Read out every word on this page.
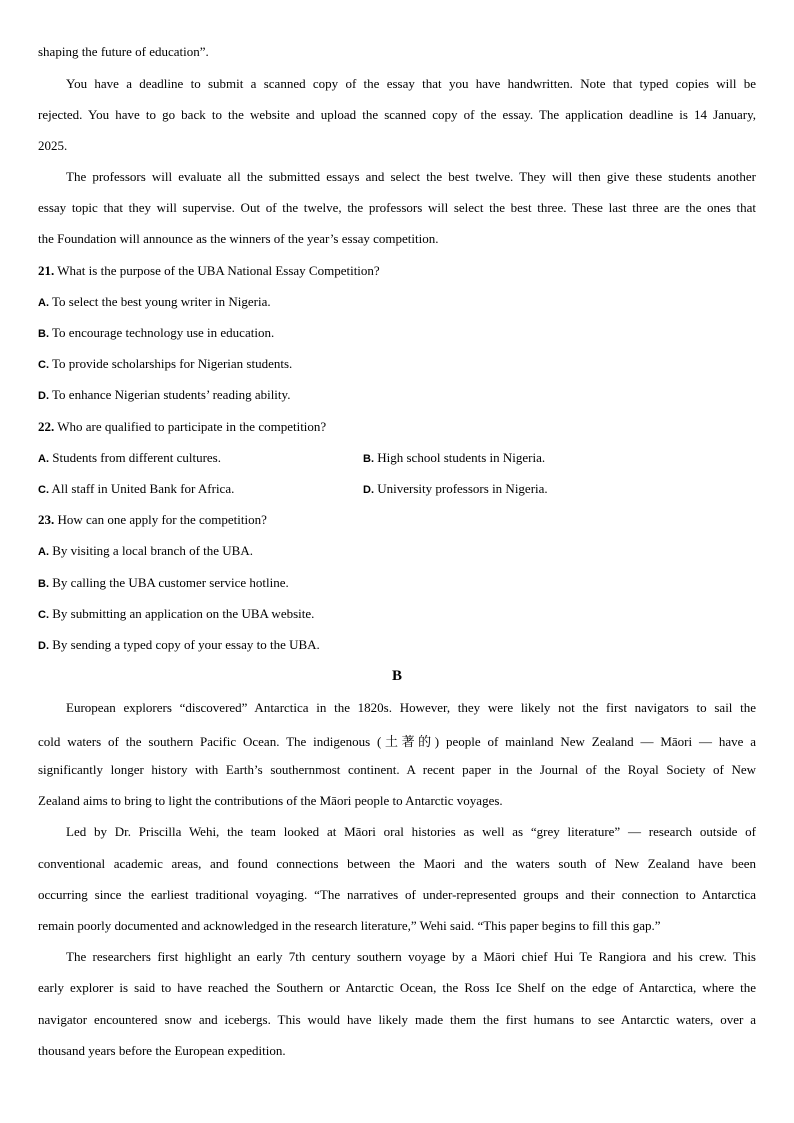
shaping the future of education”.
You have a deadline to submit a scanned copy of the essay that you have handwritten. Note that typed copies will be
rejected. You have to go back to the website and upload the scanned copy of the essay. The application deadline is 14 January,
2025.
The professors will evaluate all the submitted essays and select the best twelve. They will then give these students another
essay topic that they will supervise. Out of the twelve, the professors will select the best three. These last three are the ones that
the Foundation will announce as the winners of the year’s essay competition.
21. What is the purpose of the UBA National Essay Competition?
A. To select the best young writer in Nigeria.
B. To encourage technology use in education.
C. To provide scholarships for Nigerian students.
D. To enhance Nigerian students’ reading ability.
22. Who are qualified to participate in the competition?
A. Students from different cultures.	B. High school students in Nigeria.
C. All staff in United Bank for Africa.	D. University professors in Nigeria.
23. How can one apply for the competition?
A. By visiting a local branch of the UBA.
B. By calling the UBA customer service hotline.
C. By submitting an application on the UBA website.
D. By sending a typed copy of your essay to the UBA.
B
European explorers “discovered” Antarctica in the 1820s. However, they were likely not the first navigators to sail the
cold waters of the southern Pacific Ocean. The indigenous (土著的) people of mainland New Zealand — Māori — have a
significantly longer history with Earth’s southernmost continent. A recent paper in the Journal of the Royal Society of New
Zealand aims to bring to light the contributions of the Māori people to Antarctic voyages.
Led by Dr. Priscilla Wehi, the team looked at Māori oral histories as well as “grey literature” — research outside of
conventional academic areas, and found connections between the Maori and the waters south of New Zealand have been
occurring since the earliest traditional voyaging. “The narratives of under-represented groups and their connection to Antarctica
remain poorly documented and acknowledged in the research literature,” Wehi said. “This paper begins to fill this gap.”
The researchers first highlight an early 7th century southern voyage by a Māori chief Hui Te Rangiora and his crew. This
early explorer is said to have reached the Southern or Antarctic Ocean, the Ross Ice Shelf on the edge of Antarctica, where the
navigator encountered snow and icebergs. This would have likely made them the first humans to see Antarctic waters, over a
thousand years before the European expedition.
